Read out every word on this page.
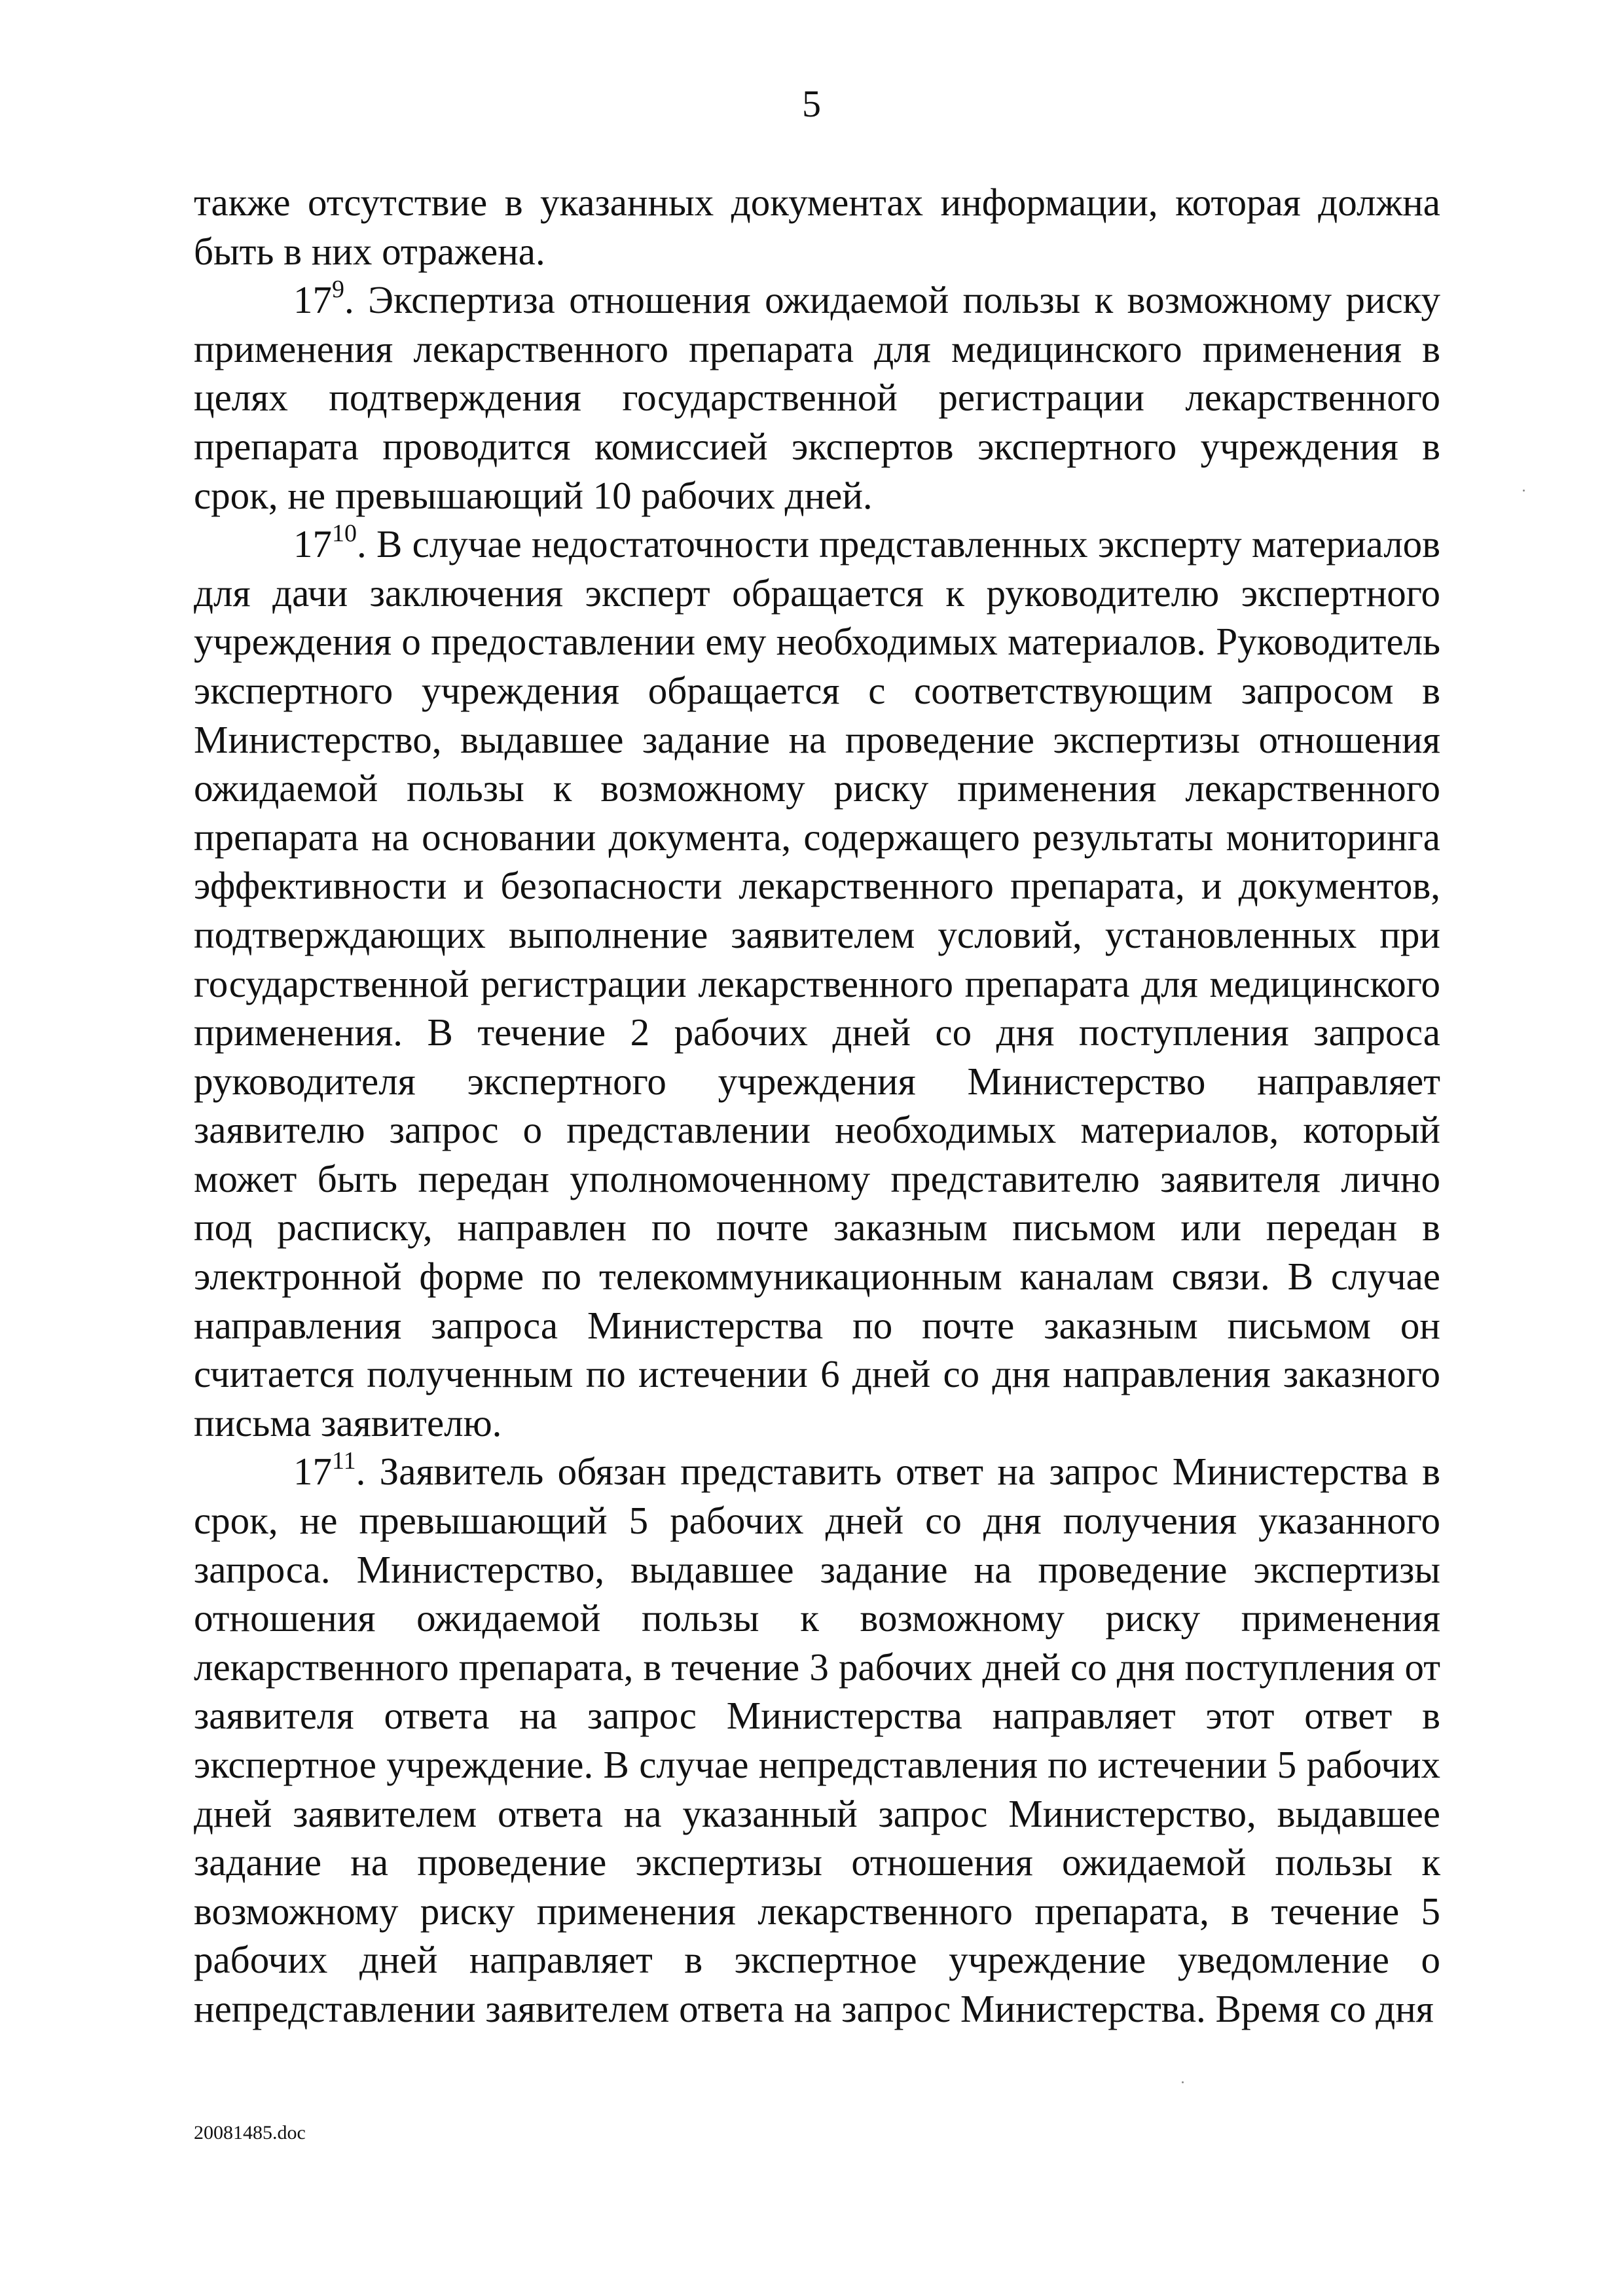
5

также отсутствие в указанных документах информации, которая должна быть в них отражена.

$17^9$. Экспертиза отношения ожидаемой пользы к возможному риску применения лекарственного препарата для медицинского применения в целях подтверждения государственной регистрации лекарственного препарата проводится комиссией экспертов экспертного учреждения в срок, не превышающий 10 рабочих дней.

$17^{10}$. В случае недостаточности представленных эксперту материалов для дачи заключения эксперт обращается к руководителю экспертного учреждения о предоставлении ему необходимых материалов. Руководитель экспертного учреждения обращается с соответствующим запросом в Министерство, выдавшее задание на проведение экспертизы отношения ожидаемой пользы к возможному риску применения лекарственного препарата на основании документа, содержащего результаты мониторинга эффективности и безопасности лекарственного препарата, и документов, подтверждающих выполнение заявителем условий, установленных при государственной регистрации лекарственного препарата для медицинского применения. В течение 2 рабочих дней со дня поступления запроса руководителя экспертного учреждения Министерство направляет заявителю запрос о представлении необходимых материалов, который может быть передан уполномоченному представителю заявителя лично под расписку, направлен по почте заказным письмом или передан в электронной форме по телекоммуникационным каналам связи. В случае направления запроса Министерства по почте заказным письмом он считается полученным по истечении 6 дней со дня направления заказного письма заявителю.

$17^{11}$. Заявитель обязан представить ответ на запрос Министерства в срок, не превышающий 5 рабочих дней со дня получения указанного запроса. Министерство, выдавшее задание на проведение экспертизы отношения ожидаемой пользы к возможному риску применения лекарственного препарата, в течение 3 рабочих дней со дня поступления от заявителя ответа на запрос Министерства направляет этот ответ в экспертное учреждение. В случае непредставления по истечении 5 рабочих дней заявителем ответа на указанный запрос Министерство, выдавшее задание на проведение экспертизы отношения ожидаемой пользы к возможному риску применения лекарственного препарата, в течение 5 рабочих дней направляет в экспертное учреждение уведомление о непредставлении заявителем ответа на запрос Министерства. Время со дня

20081485.doc
